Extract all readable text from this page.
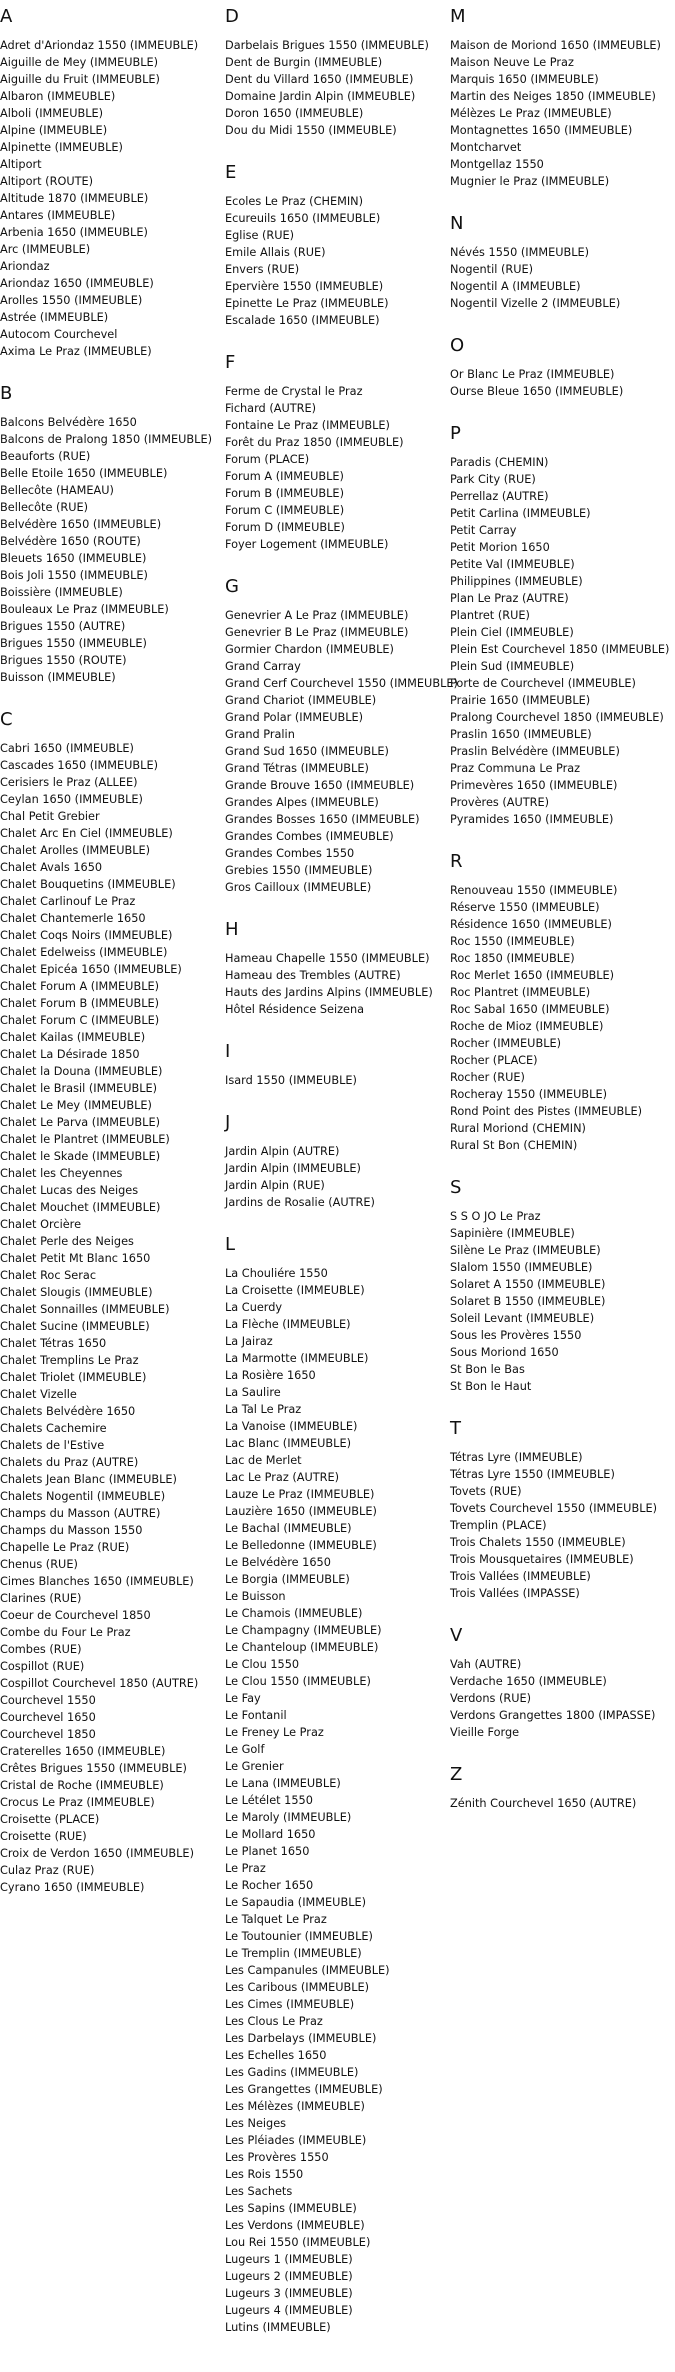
A
Adret d'Ariondaz 1550 (IMMEUBLE)
Aiguille de Mey (IMMEUBLE)
Aiguille du Fruit (IMMEUBLE)
Albaron (IMMEUBLE)
Alboli (IMMEUBLE)
Alpine (IMMEUBLE)
Alpinette (IMMEUBLE)
Altiport
Altiport (ROUTE)
Altitude 1870 (IMMEUBLE)
Antares (IMMEUBLE)
Arbenia 1650 (IMMEUBLE)
Arc (IMMEUBLE)
Ariondaz
Ariondaz 1650 (IMMEUBLE)
Arolles 1550 (IMMEUBLE)
Astrée (IMMEUBLE)
Autocom Courchevel
Axima Le Praz (IMMEUBLE)
B
Balcons Belvédère 1650
Balcons de Pralong 1850 (IMMEUBLE)
Beauforts (RUE)
Belle Etoile 1650 (IMMEUBLE)
Bellecôte (HAMEAU)
Bellecôte (RUE)
Belvédère 1650 (IMMEUBLE)
Belvédère 1650 (ROUTE)
Bleuets 1650 (IMMEUBLE)
Bois Joli 1550 (IMMEUBLE)
Boissière (IMMEUBLE)
Bouleaux Le Praz (IMMEUBLE)
Brigues 1550 (AUTRE)
Brigues 1550 (IMMEUBLE)
Brigues 1550 (ROUTE)
Buisson (IMMEUBLE)
C
Cabri 1650 (IMMEUBLE)
Cascades 1650 (IMMEUBLE)
Cerisiers le Praz (ALLEE)
Ceylan 1650 (IMMEUBLE)
Chal Petit Grebier
Chalet Arc En Ciel (IMMEUBLE)
Chalet Arolles (IMMEUBLE)
Chalet Avals 1650
Chalet Bouquetins (IMMEUBLE)
Chalet Carlinouf Le Praz
Chalet Chantemerle 1650
Chalet Coqs Noirs (IMMEUBLE)
Chalet Edelweiss (IMMEUBLE)
Chalet Epicéa 1650 (IMMEUBLE)
Chalet Forum A (IMMEUBLE)
Chalet Forum B (IMMEUBLE)
Chalet Forum C (IMMEUBLE)
Chalet Kailas (IMMEUBLE)
Chalet La Désirade 1850
Chalet la Douna (IMMEUBLE)
Chalet le Brasil (IMMEUBLE)
Chalet Le Mey (IMMEUBLE)
Chalet Le Parva (IMMEUBLE)
Chalet le Plantret (IMMEUBLE)
Chalet le Skade (IMMEUBLE)
Chalet les Cheyennes
Chalet Lucas des Neiges
Chalet Mouchet (IMMEUBLE)
Chalet Orcière
Chalet Perle des Neiges
Chalet Petit Mt Blanc 1650
Chalet Roc Serac
Chalet Slougis (IMMEUBLE)
Chalet Sonnailles (IMMEUBLE)
Chalet Sucine (IMMEUBLE)
Chalet Tétras 1650
Chalet Tremplins Le Praz
Chalet Triolet (IMMEUBLE)
Chalet Vizelle
Chalets Belvédère 1650
Chalets Cachemire
Chalets de l'Estive
Chalets du Praz (AUTRE)
Chalets Jean Blanc (IMMEUBLE)
Chalets Nogentil (IMMEUBLE)
Champs du Masson (AUTRE)
Champs du Masson 1550
Chapelle Le Praz (RUE)
Chenus (RUE)
Cimes Blanches 1650 (IMMEUBLE)
Clarines (RUE)
Coeur de Courchevel 1850
Combe du Four Le Praz
Combes (RUE)
Cospillot (RUE)
Cospillot Courchevel 1850 (AUTRE)
Courchevel 1550
Courchevel 1650
Courchevel 1850
Craterelles 1650 (IMMEUBLE)
Crêtes Brigues 1550 (IMMEUBLE)
Cristal de Roche (IMMEUBLE)
Crocus Le Praz (IMMEUBLE)
Croisette (PLACE)
Croisette (RUE)
Croix de Verdon 1650 (IMMEUBLE)
Culaz Praz (RUE)
Cyrano 1650 (IMMEUBLE)
D
Darbelais Brigues 1550 (IMMEUBLE)
Dent de Burgin (IMMEUBLE)
Dent du Villard 1650 (IMMEUBLE)
Domaine Jardin Alpin (IMMEUBLE)
Doron 1650 (IMMEUBLE)
Dou du Midi 1550 (IMMEUBLE)
E
Ecoles Le Praz (CHEMIN)
Ecureuils 1650 (IMMEUBLE)
Eglise (RUE)
Emile Allais (RUE)
Envers (RUE)
Epervière 1550 (IMMEUBLE)
Epinette Le Praz (IMMEUBLE)
Escalade 1650 (IMMEUBLE)
F
Ferme de Crystal le Praz
Fichard (AUTRE)
Fontaine Le Praz (IMMEUBLE)
Forêt du Praz 1850 (IMMEUBLE)
Forum (PLACE)
Forum A (IMMEUBLE)
Forum B (IMMEUBLE)
Forum C (IMMEUBLE)
Forum D (IMMEUBLE)
Foyer Logement (IMMEUBLE)
G
Genevrier A Le Praz (IMMEUBLE)
Genevrier B Le Praz (IMMEUBLE)
Gormier Chardon (IMMEUBLE)
Grand Carray
Grand Cerf Courchevel 1550 (IMMEUBLE)
Grand Chariot (IMMEUBLE)
Grand Polar (IMMEUBLE)
Grand Pralin
Grand Sud 1650 (IMMEUBLE)
Grand Tétras (IMMEUBLE)
Grande Brouve 1650 (IMMEUBLE)
Grandes Alpes (IMMEUBLE)
Grandes Bosses 1650 (IMMEUBLE)
Grandes Combes (IMMEUBLE)
Grandes Combes 1550
Grebies 1550 (IMMEUBLE)
Gros Cailloux (IMMEUBLE)
H
Hameau Chapelle 1550 (IMMEUBLE)
Hameau des Trembles (AUTRE)
Hauts des Jardins Alpins (IMMEUBLE)
Hôtel Résidence Seizena
I
Isard 1550 (IMMEUBLE)
J
Jardin Alpin (AUTRE)
Jardin Alpin (IMMEUBLE)
Jardin Alpin (RUE)
Jardins de Rosalie (AUTRE)
L
La Chouliére 1550
La Croisette (IMMEUBLE)
La Cuerdy
La Flèche (IMMEUBLE)
La Jairaz
La Marmotte (IMMEUBLE)
La Rosière 1650
La Saulire
La Tal Le Praz
La Vanoise (IMMEUBLE)
Lac Blanc (IMMEUBLE)
Lac de Merlet
Lac Le Praz (AUTRE)
Lauze Le Praz (IMMEUBLE)
Lauzière 1650 (IMMEUBLE)
Le Bachal (IMMEUBLE)
Le Belledonne (IMMEUBLE)
Le Belvédère 1650
Le Borgia (IMMEUBLE)
Le Buisson
Le Chamois (IMMEUBLE)
Le Champagny (IMMEUBLE)
Le Chanteloup (IMMEUBLE)
Le Clou 1550
Le Clou 1550 (IMMEUBLE)
Le Fay
Le Fontanil
Le Freney Le Praz
Le Golf
Le Grenier
Le Lana (IMMEUBLE)
Le Létélet 1550
Le Maroly (IMMEUBLE)
Le Mollard 1650
Le Planet 1650
Le Praz
Le Rocher 1650
Le Sapaudia (IMMEUBLE)
Le Talquet Le Praz
Le Toutounier (IMMEUBLE)
Le Tremplin (IMMEUBLE)
Les Campanules (IMMEUBLE)
Les Caribous (IMMEUBLE)
Les Cimes (IMMEUBLE)
Les Clous Le Praz
Les Darbelays (IMMEUBLE)
Les Echelles 1650
Les Gadins (IMMEUBLE)
Les Grangettes (IMMEUBLE)
Les Mélèzes (IMMEUBLE)
Les Neiges
Les Pléiades (IMMEUBLE)
Les Provères 1550
Les Rois 1550
Les Sachets
Les Sapins (IMMEUBLE)
Les Verdons (IMMEUBLE)
Lou Rei 1550 (IMMEUBLE)
Lugeurs 1 (IMMEUBLE)
Lugeurs 2 (IMMEUBLE)
Lugeurs 3 (IMMEUBLE)
Lugeurs 4 (IMMEUBLE)
Lutins (IMMEUBLE)
M
Maison de Moriond 1650 (IMMEUBLE)
Maison Neuve Le Praz
Marquis 1650 (IMMEUBLE)
Martin des Neiges 1850 (IMMEUBLE)
Mélèzes Le Praz (IMMEUBLE)
Montagnettes 1650 (IMMEUBLE)
Montcharvet
Montgellaz 1550
Mugnier le Praz (IMMEUBLE)
N
Névés 1550 (IMMEUBLE)
Nogentil (RUE)
Nogentil A (IMMEUBLE)
Nogentil Vizelle 2 (IMMEUBLE)
O
Or Blanc Le Praz (IMMEUBLE)
Ourse Bleue 1650 (IMMEUBLE)
P
Paradis (CHEMIN)
Park City (RUE)
Perrellaz (AUTRE)
Petit Carlina (IMMEUBLE)
Petit Carray
Petit Morion 1650
Petite Val (IMMEUBLE)
Philippines (IMMEUBLE)
Plan Le Praz (AUTRE)
Plantret (RUE)
Plein Ciel (IMMEUBLE)
Plein Est Courchevel 1850 (IMMEUBLE)
Plein Sud (IMMEUBLE)
Porte de Courchevel (IMMEUBLE)
Prairie 1650 (IMMEUBLE)
Pralong Courchevel 1850 (IMMEUBLE)
Praslin 1650 (IMMEUBLE)
Praslin Belvédère (IMMEUBLE)
Praz Communa Le Praz
Primevères 1650 (IMMEUBLE)
Provères (AUTRE)
Pyramides 1650 (IMMEUBLE)
R
Renouveau 1550 (IMMEUBLE)
Réserve 1550 (IMMEUBLE)
Résidence 1650 (IMMEUBLE)
Roc 1550 (IMMEUBLE)
Roc 1850 (IMMEUBLE)
Roc Merlet 1650 (IMMEUBLE)
Roc Plantret (IMMEUBLE)
Roc Sabal 1650 (IMMEUBLE)
Roche de Mioz (IMMEUBLE)
Rocher (IMMEUBLE)
Rocher (PLACE)
Rocher (RUE)
Rocheray 1550 (IMMEUBLE)
Rond Point des Pistes (IMMEUBLE)
Rural Moriond (CHEMIN)
Rural St Bon (CHEMIN)
S
S S O JO Le Praz
Sapinière (IMMEUBLE)
Silène Le Praz (IMMEUBLE)
Slalom 1550 (IMMEUBLE)
Solaret A 1550 (IMMEUBLE)
Solaret B 1550 (IMMEUBLE)
Soleil Levant (IMMEUBLE)
Sous les Provères 1550
Sous Moriond 1650
St Bon le Bas
St Bon le Haut
T
Tétras Lyre (IMMEUBLE)
Tétras Lyre 1550 (IMMEUBLE)
Tovets (RUE)
Tovets Courchevel 1550 (IMMEUBLE)
Tremplin (PLACE)
Trois Chalets 1550 (IMMEUBLE)
Trois Mousquetaires (IMMEUBLE)
Trois Vallées (IMMEUBLE)
Trois Vallées (IMPASSE)
V
Vah (AUTRE)
Verdache 1650 (IMMEUBLE)
Verdons (RUE)
Verdons Grangettes 1800 (IMPASSE)
Vieille Forge
Z
Zénith Courchevel 1650 (AUTRE)
